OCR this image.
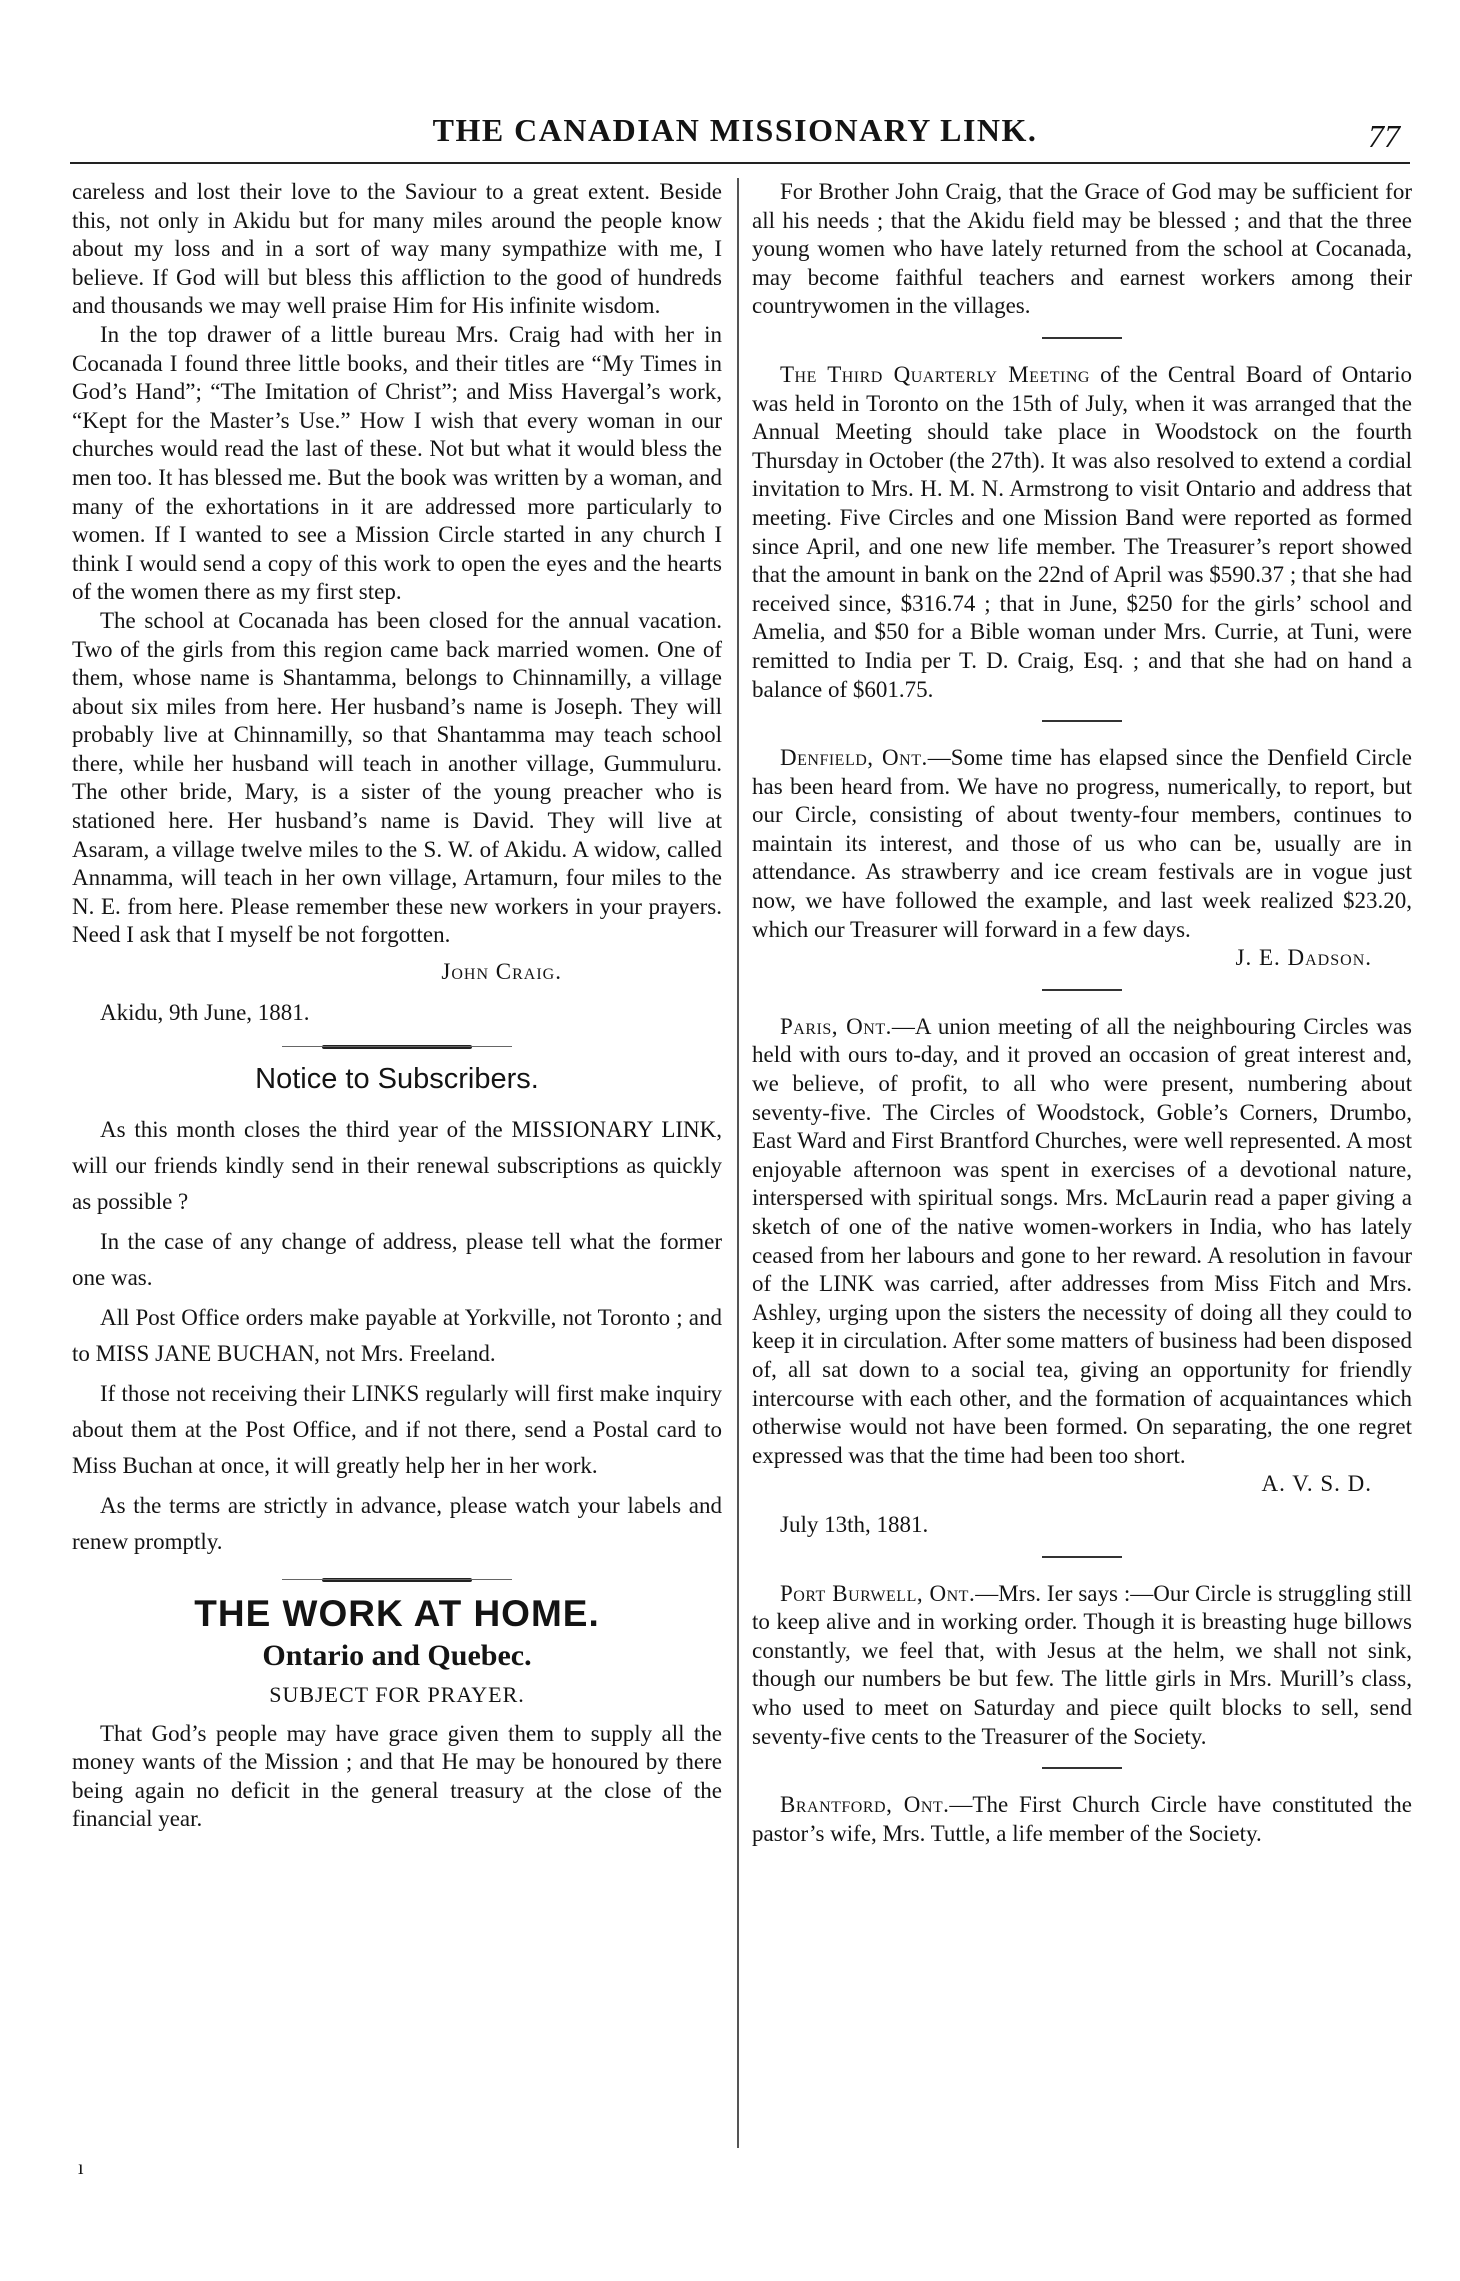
THE CANADIAN MISSIONARY LINK.	77

careless and lost their love to the Saviour to a great extent. Beside this, not only in Akidu but for many miles around the people know about my loss and in a sort of way many sympathize with me, I believe. If God will but bless this affliction to the good of hundreds and thousands we may well praise Him for His infinite wisdom.

In the top drawer of a little bureau Mrs. Craig had with her in Cocanada I found three little books, and their titles are “My Times in God’s Hand”; “The Imitation of Christ”; and Miss Havergal’s work, “Kept for the Master’s Use.” How I wish that every woman in our churches would read the last of these. Not but what it would bless the men too. It has blessed me. But the book was written by a woman, and many of the exhortations in it are addressed more particularly to women. If I wanted to see a Mission Circle started in any church I think I would send a copy of this work to open the eyes and the hearts of the women there as my first step.

The school at Cocanada has been closed for the annual vacation. Two of the girls from this region came back married women. One of them, whose name is Shantamma, belongs to Chinnamilly, a village about six miles from here. Her husband’s name is Joseph. They will probably live at Chinnamilly, so that Shantamma may teach school there, while her husband will teach in another village, Gummuluru. The other bride, Mary, is a sister of the young preacher who is stationed here. Her husband’s name is David. They will live at Asaram, a village twelve miles to the S. W. of Akidu. A widow, called Annamma, will teach in her own village, Artamurn, four miles to the N. E. from here. Please remember these new workers in your prayers. Need I ask that I myself be not forgotten.

John Craig.

Akidu, 9th June, 1881.

Notice to Subscribers.

As this month closes the third year of the MISSIONARY LINK, will our friends kindly send in their renewal subscriptions as quickly as possible ?

In the case of any change of address, please tell what the former one was.

All Post Office orders make payable at Yorkville, not Toronto ; and to MISS JANE BUCHAN, not Mrs. Freeland.

If those not receiving their LINKS regularly will first make inquiry about them at the Post Office, and if not there, send a Postal card to Miss Buchan at once, it will greatly help her in her work.

As the terms are strictly in advance, please watch your labels and renew promptly.

THE WORK AT HOME.
Ontario and Quebec.
SUBJECT FOR PRAYER.

That God’s people may have grace given them to supply all the money wants of the Mission ; and that He may be honoured by there being again no deficit in the general treasury at the close of the financial year.

ı

For Brother John Craig, that the Grace of God may be sufficient for all his needs ; that the Akidu field may be blessed ; and that the three young women who have lately returned from the school at Cocanada, may become faithful teachers and earnest workers among their countrywomen in the villages.

The Third Quarterly Meeting of the Central Board of Ontario was held in Toronto on the 15th of July, when it was arranged that the Annual Meeting should take place in Woodstock on the fourth Thursday in October (the 27th). It was also resolved to extend a cordial invitation to Mrs. H. M. N. Armstrong to visit Ontario and address that meeting. Five Circles and one Mission Band were reported as formed since April, and one new life member. The Treasurer’s report showed that the amount in bank on the 22nd of April was $590.37 ; that she had received since, $316.74 ; that in June, $250 for the girls’ school and Amelia, and $50 for a Bible woman under Mrs. Currie, at Tuni, were remitted to India per T. D. Craig, Esq. ; and that she had on hand a balance of $601.75.

Denfield, Ont.—Some time has elapsed since the Denfield Circle has been heard from. We have no progress, numerically, to report, but our Circle, consisting of about twenty-four members, continues to maintain its interest, and those of us who can be, usually are in attendance. As strawberry and ice cream festivals are in vogue just now, we have followed the example, and last week realized $23.20, which our Treasurer will forward in a few days.

J. E. Dadson.

Paris, Ont.—A union meeting of all the neighbouring Circles was held with ours to-day, and it proved an occasion of great interest and, we believe, of profit, to all who were present, numbering about seventy-five. The Circles of Woodstock, Goble’s Corners, Drumbo, East Ward and First Brantford Churches, were well represented. A most enjoyable afternoon was spent in exercises of a devotional nature, interspersed with spiritual songs. Mrs. McLaurin read a paper giving a sketch of one of the native women-workers in India, who has lately ceased from her labours and gone to her reward. A resolution in favour of the LINK was carried, after addresses from Miss Fitch and Mrs. Ashley, urging upon the sisters the necessity of doing all they could to keep it in circulation. After some matters of business had been disposed of, all sat down to a social tea, giving an opportunity for friendly intercourse with each other, and the formation of acquaintances which otherwise would not have been formed. On separating, the one regret expressed was that the time had been too short.

A. V. S. D.

July 13th, 1881.

Port Burwell, Ont.—Mrs. Ier says :—Our Circle is struggling still to keep alive and in working order. Though it is breasting huge billows constantly, we feel that, with Jesus at the helm, we shall not sink, though our numbers be but few. The little girls in Mrs. Murill’s class, who used to meet on Saturday and piece quilt blocks to sell, send seventy-five cents to the Treasurer of the Society.

Brantford, Ont.—The First Church Circle have constituted the pastor’s wife, Mrs. Tuttle, a life member of the Society.
